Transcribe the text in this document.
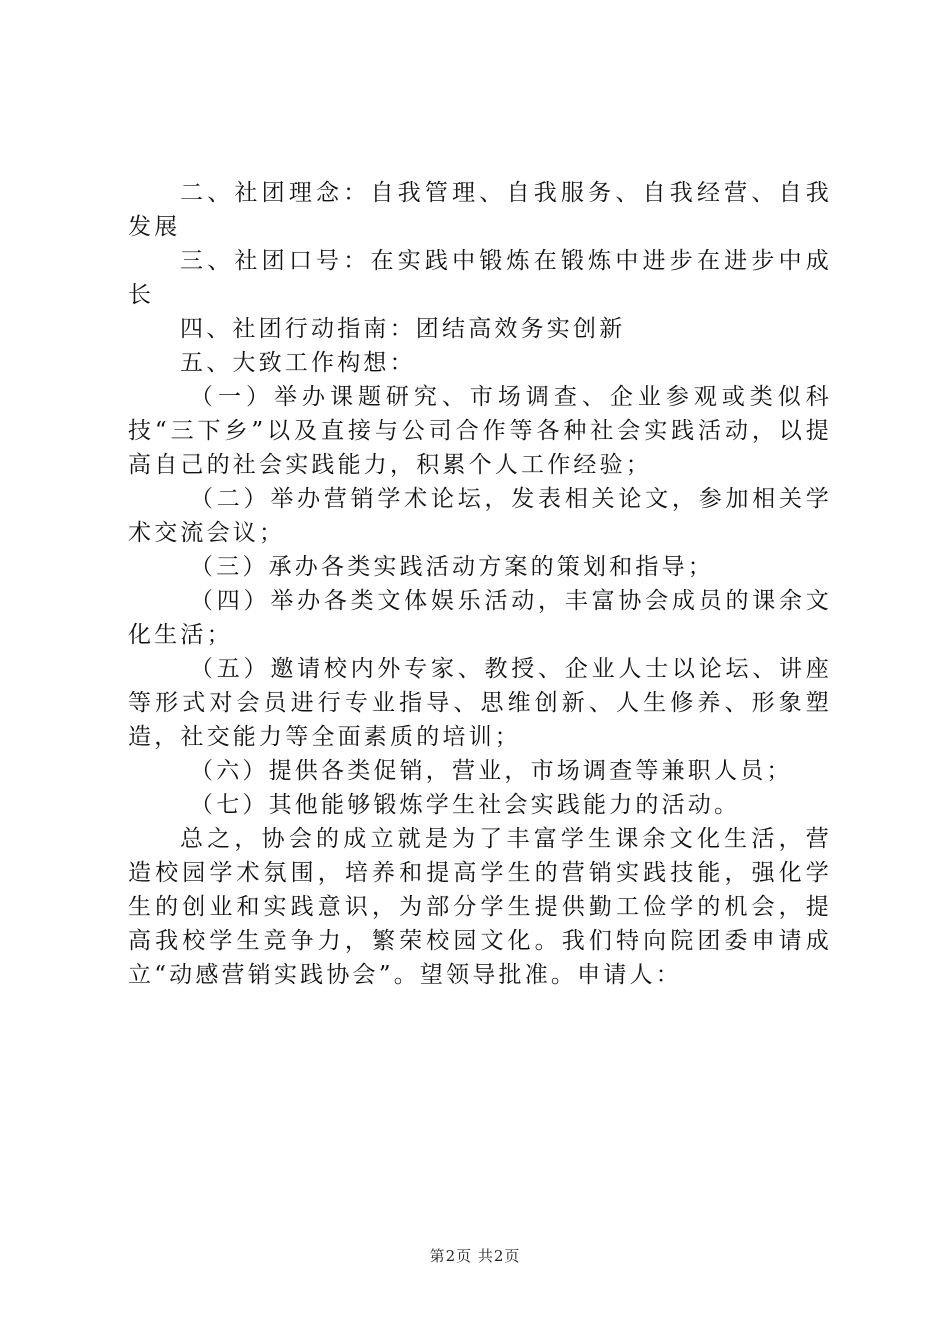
二、社团理念：自我管理、自我服务、自我经营、自我发展

三、社团口号：在实践中锻炼在锻炼中进步在进步中成长

四、社团行动指南：团结高效务实创新

五、大致工作构想：

（一）举办课题研究、市场调查、企业参观或类似科技“三下乡”以及直接与公司合作等各种社会实践活动，以提高自己的社会实践能力，积累个人工作经验；

（二）举办营销学术论坛，发表相关论文，参加相关学术交流会议；

（三）承办各类实践活动方案的策划和指导；

（四）举办各类文体娱乐活动，丰富协会成员的课余文化生活；

（五）邀请校内外专家、教授、企业人士以论坛、讲座等形式对会员进行专业指导、思维创新、人生修养、形象塑造，社交能力等全面素质的培训；

（六）提供各类促销，营业，市场调查等兼职人员；

（七）其他能够锻炼学生社会实践能力的活动。

总之，协会的成立就是为了丰富学生课余文化生活，营造校园学术氛围，培养和提高学生的营销实践技能，强化学生的创业和实践意识，为部分学生提供勤工俭学的机会，提高我校学生竞争力，繁荣校园文化。我们特向院团委申请成立“动感营销实践协会”。望领导批准。申请人：

第2页 共2页
